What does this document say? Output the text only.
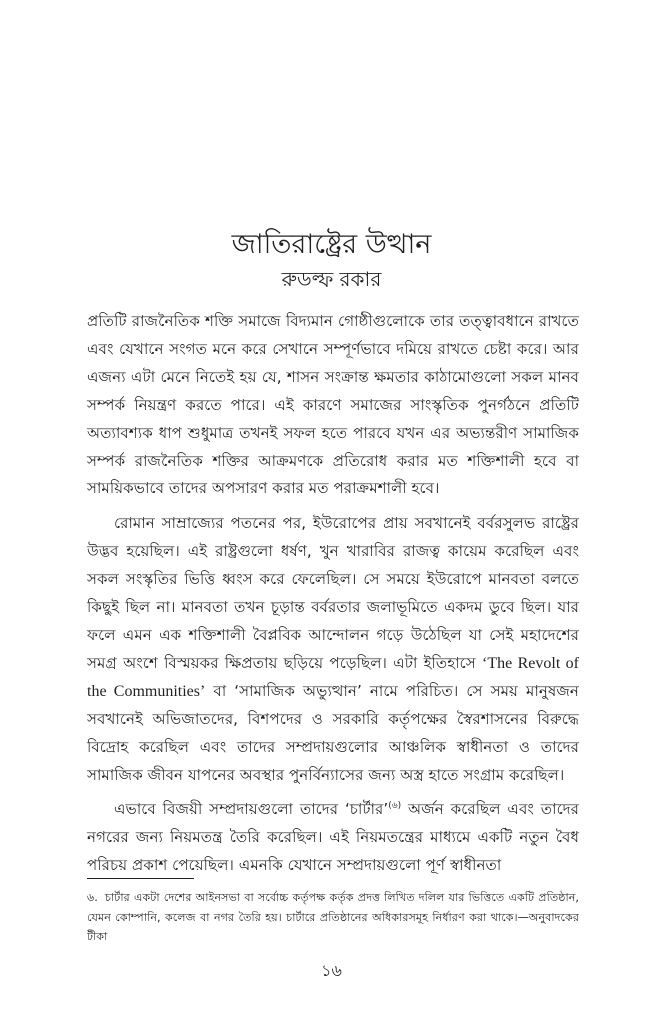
জাতিরাষ্ট্রের উত্থান

রুডল্ফ রকার

প্রতিটি রাজনৈতিক শক্তি সমাজে বিদ্যমান গোষ্ঠীগুলোকে তার তত্ত্বাবধানে রাখতে এবং যেখানে সংগত মনে করে সেখানে সম্পূর্ণভাবে দমিয়ে রাখতে চেষ্টা করে। আর এজন্য এটা মেনে নিতেই হয় যে, শাসন সংক্রান্ত ক্ষমতার কাঠামোগুলো সকল মানব সম্পর্ক নিয়ন্ত্রণ করতে পারে। এই কারণে সমাজের সাংস্কৃতিক পুনর্গঠনে প্রতিটি অত্যাবশ্যক ধাপ শুধুমাত্র তখনই সফল হতে পারবে যখন এর অভ্যন্তরীণ সামাজিক সম্পর্ক রাজনৈতিক শক্তির আক্রমণকে প্রতিরোধ করার মত শক্তিশালী হবে বা সাময়িকভাবে তাদের অপসারণ করার মত পরাক্রমশালী হবে।

রোমান সাম্রাজ্যের পতনের পর, ইউরোপের প্রায় সবখানেই বর্বরসুলভ রাষ্ট্রের উদ্ভব হয়েছিল। এই রাষ্ট্রগুলো ধর্ষণ, খুন খারাবির রাজত্ব কায়েম করেছিল এবং সকল সংস্কৃতির ভিত্তি ধ্বংস করে ফেলেছিল। সে সময়ে ইউরোপে মানবতা বলতে কিছুই ছিল না। মানবতা তখন চূড়ান্ত বর্বরতার জলাভূমিতে একদম ডুবে ছিল। যার ফলে এমন এক শক্তিশালী বৈপ্লবিক আন্দোলন গড়ে উঠেছিল যা সেই মহাদেশের সমগ্র অংশে বিস্ময়কর ক্ষিপ্রতায় ছড়িয়ে পড়েছিল। এটা ইতিহাসে ‘The Revolt of the Communities’ বা ‘সামাজিক অভ্যুত্থান’ নামে পরিচিত। সে সময় মানুষজন সবখানেই অভিজাতদের, বিশপদের ও সরকারি কর্তৃপক্ষের স্বৈরশাসনের বিরুদ্ধে বিদ্রোহ করেছিল এবং তাদের সম্প্রদায়গুলোর আঞ্চলিক স্বাধীনতা ও তাদের সামাজিক জীবন যাপনের অবস্থার পুনর্বিন্যাসের জন্য অস্ত্র হাতে সংগ্রাম করেছিল।

এভাবে বিজয়ী সম্প্রদায়গুলো তাদের ‘চার্টার’$^{(৬)}$ অর্জন করেছিল এবং তাদের নগরের জন্য নিয়মতন্ত্র তৈরি করেছিল। এই নিয়মতন্ত্রের মাধ্যমে একটি নতুন বৈধ পরিচয় প্রকাশ পেয়েছিল। এমনকি যেখানে সম্প্রদায়গুলো পূর্ণ স্বাধীনতা

৬. চার্টার একটা দেশের আইনসভা বা সর্বোচ্চ কর্তৃপক্ষ কর্তৃক প্রদত্ত লিখিত দলিল যার ভিত্তিতে একটি প্রতিষ্ঠান, যেমন কোম্পানি, কলেজ বা নগর তৈরি হয়। চার্টারে প্রতিষ্ঠানের অধিকারসমূহ নির্ধারণ করা থাকে।—অনুবাদকের টীকা

১৬
